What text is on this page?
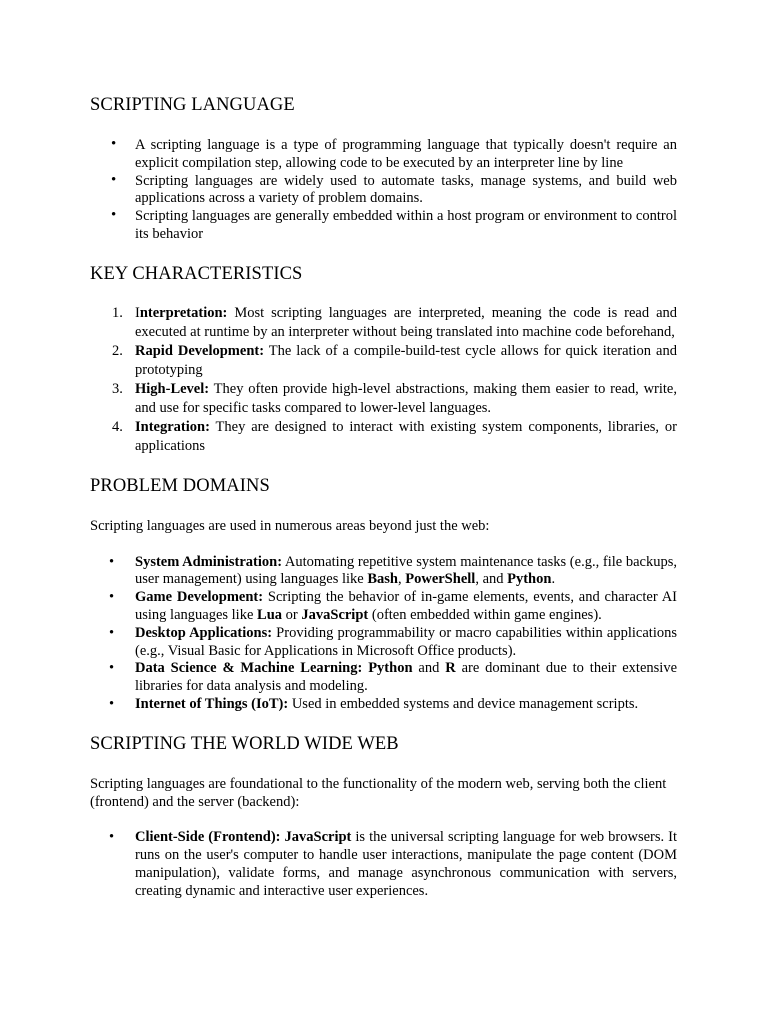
SCRIPTING LANGUAGE
• A scripting language is a type of programming language that typically doesn't require an explicit compilation step, allowing code to be executed by an interpreter line by line
• Scripting languages are widely used to automate tasks, manage systems, and build web applications across a variety of problem domains.
• Scripting languages are generally embedded within a host program or environment to control its behavior
KEY CHARACTERISTICS
1. Interpretation: Most scripting languages are interpreted, meaning the code is read and executed at runtime by an interpreter without being translated into machine code beforehand,
2. Rapid Development: The lack of a compile-build-test cycle allows for quick iteration and prototyping
3. High-Level: They often provide high-level abstractions, making them easier to read, write, and use for specific tasks compared to lower-level languages.
4. Integration: They are designed to interact with existing system components, libraries, or applications
PROBLEM DOMAINS

Scripting languages are used in numerous areas beyond just the web:

• System Administration: Automating repetitive system maintenance tasks (e.g., file backups, user management) using languages like Bash, PowerShell, and Python.
• Game Development: Scripting the behavior of in-game elements, events, and character AI using languages like Lua or JavaScript (often embedded within game engines).
• Desktop Applications: Providing programmability or macro capabilities within applications (e.g., Visual Basic for Applications in Microsoft Office products).
• Data Science & Machine Learning: Python and R are dominant due to their extensive libraries for data analysis and modeling.
• Internet of Things (IoT): Used in embedded systems and device management scripts.
SCRIPTING THE WORLD WIDE WEB

Scripting languages are foundational to the functionality of the modern web, serving both the client (frontend) and the server (backend):

• Client-Side (Frontend): JavaScript is the universal scripting language for web browsers. It runs on the user's computer to handle user interactions, manipulate the page content (DOM manipulation), validate forms, and manage asynchronous communication with servers, creating dynamic and interactive user experiences.
